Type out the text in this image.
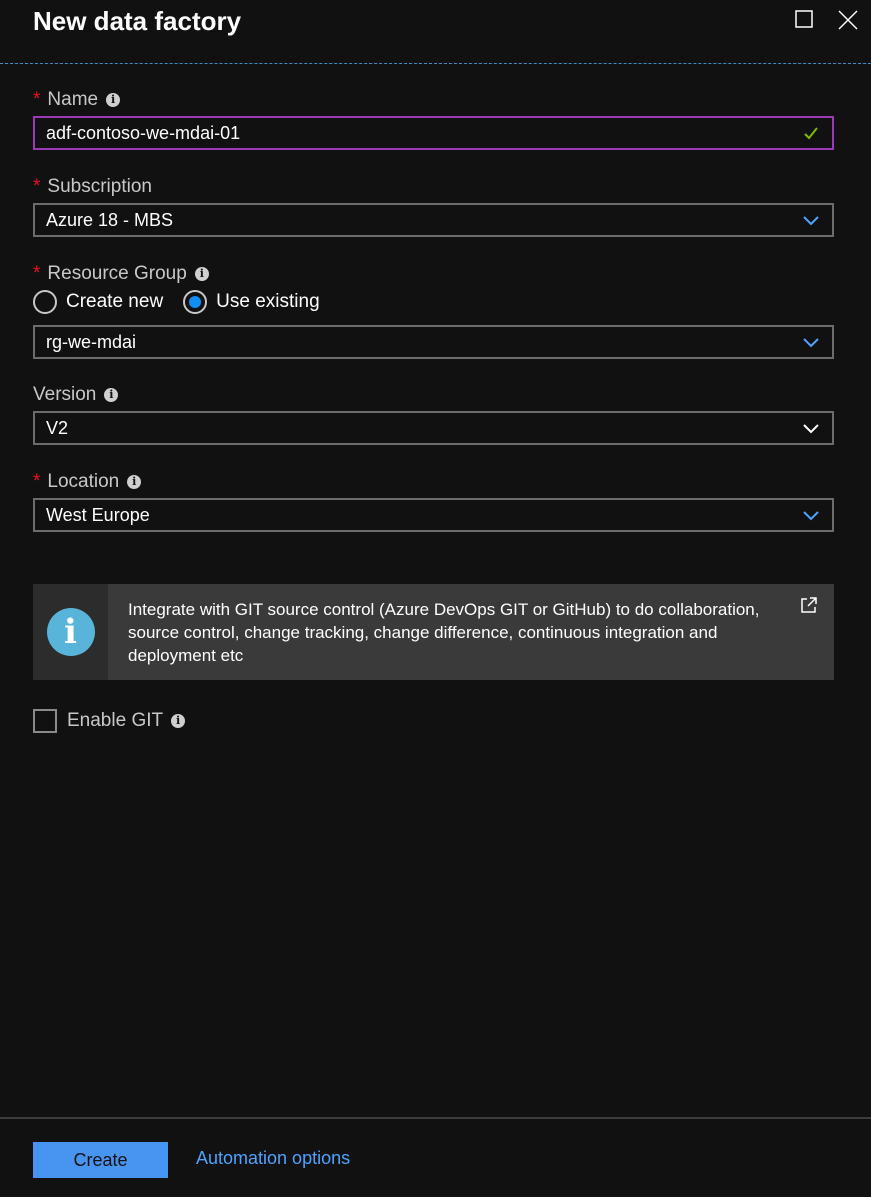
New data factory
* Name	i
adf-contoso-we-mdai-01
* Subscription
Azure 18 - MBS
* Resource Group	i
Create new	Use existing
rg-we-mdai
Version	i
V2
* Location	i
West Europe
i
Integrate with GIT source control (Azure DevOps GIT or GitHub) to do collaboration, source control, change tracking, change difference, continuous integration and deployment etc
Enable GIT	i
Create	Automation options
